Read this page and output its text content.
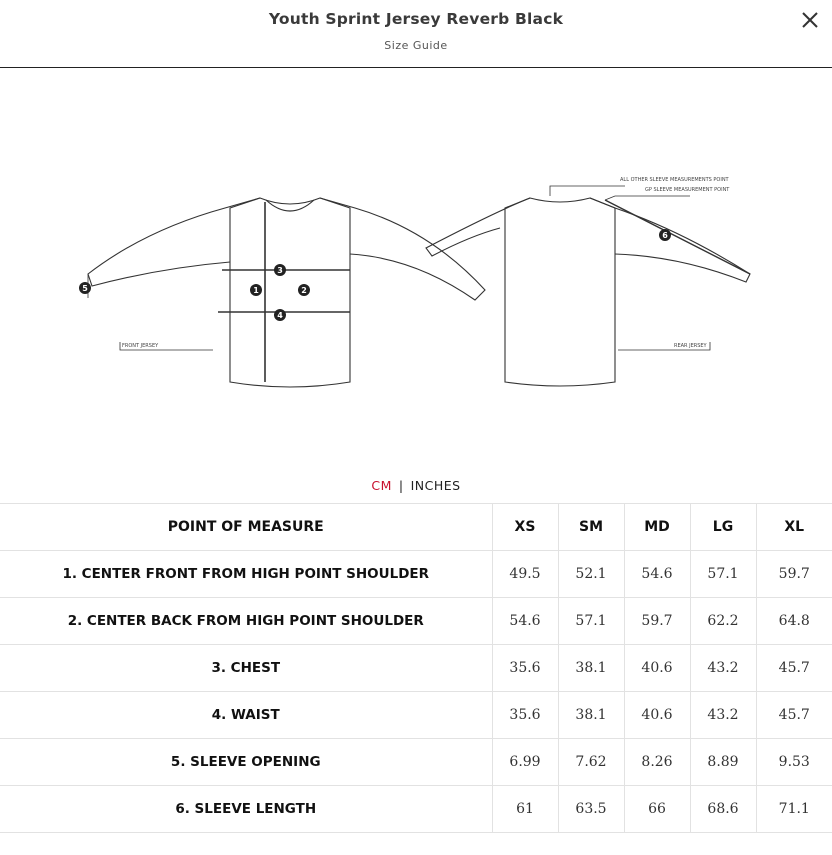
Youth Sprint Jersey Reverb Black
Size Guide
FRONT JERSEY	REAR JERSEY
ALL OTHER SLEEVE MEASUREMENTS POINT
GP SLEEVE MEASUREMENT POINT
1	2
3
4
5
6
CM | INCHES
POINT OF MEASURE	XS	SM	MD	LG	XL
1. CENTER FRONT FROM HIGH POINT SHOULDER	49.5	52.1	54.6	57.1	59.7
2. CENTER BACK FROM HIGH POINT SHOULDER	54.6	57.1	59.7	62.2	64.8
3. CHEST	35.6	38.1	40.6	43.2	45.7
4. WAIST	35.6	38.1	40.6	43.2	45.7
5. SLEEVE OPENING	6.99	7.62	8.26	8.89	9.53
6. SLEEVE LENGTH	61	63.5	66	68.6	71.1
